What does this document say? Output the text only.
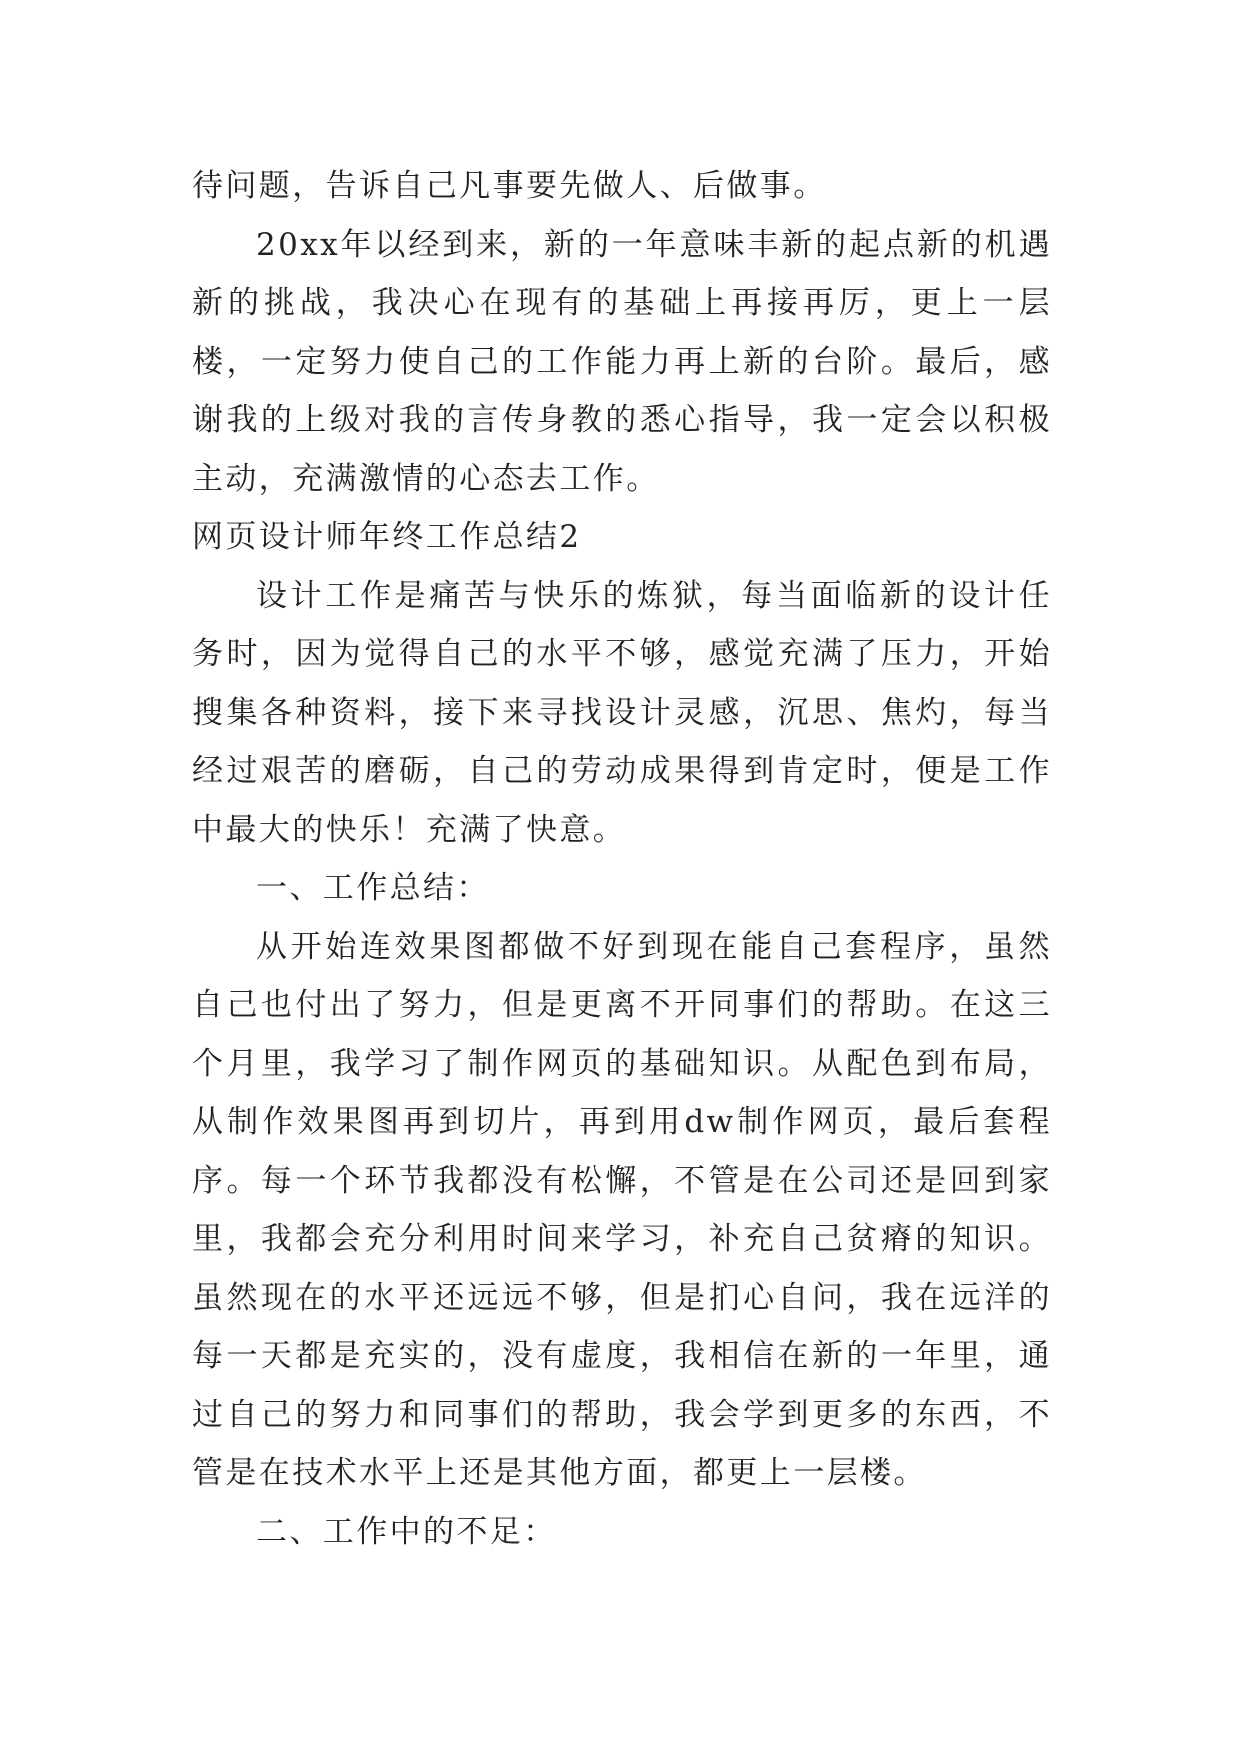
待问题，告诉自己凡事要先做人、后做事。

20xx年以经到来，新的一年意味丰新的起点新的机遇新的挑战，我决心在现有的基础上再接再厉，更上一层楼，一定努力使自己的工作能力再上新的台阶。最后，感谢我的上级对我的言传身教的悉心指导，我一定会以积极主动，充满激情的心态去工作。

网页设计师年终工作总结2

设计工作是痛苦与快乐的炼狱，每当面临新的设计任务时，因为觉得自己的水平不够，感觉充满了压力，开始搜集各种资料，接下来寻找设计灵感，沉思、焦灼，每当经过艰苦的磨砺，自己的劳动成果得到肯定时，便是工作中最大的快乐！充满了快意。

一、工作总结：

从开始连效果图都做不好到现在能自己套程序，虽然自己也付出了努力，但是更离不开同事们的帮助。在这三个月里，我学习了制作网页的基础知识。从配色到布局，从制作效果图再到切片，再到用dw制作网页，最后套程序。每一个环节我都没有松懈，不管是在公司还是回到家里，我都会充分利用时间来学习，补充自己贫瘠的知识。虽然现在的水平还远远不够，但是扪心自问，我在远洋的每一天都是充实的，没有虚度，我相信在新的一年里，通过自己的努力和同事们的帮助，我会学到更多的东西，不管是在技术水平上还是其他方面，都更上一层楼。

二、工作中的不足：
